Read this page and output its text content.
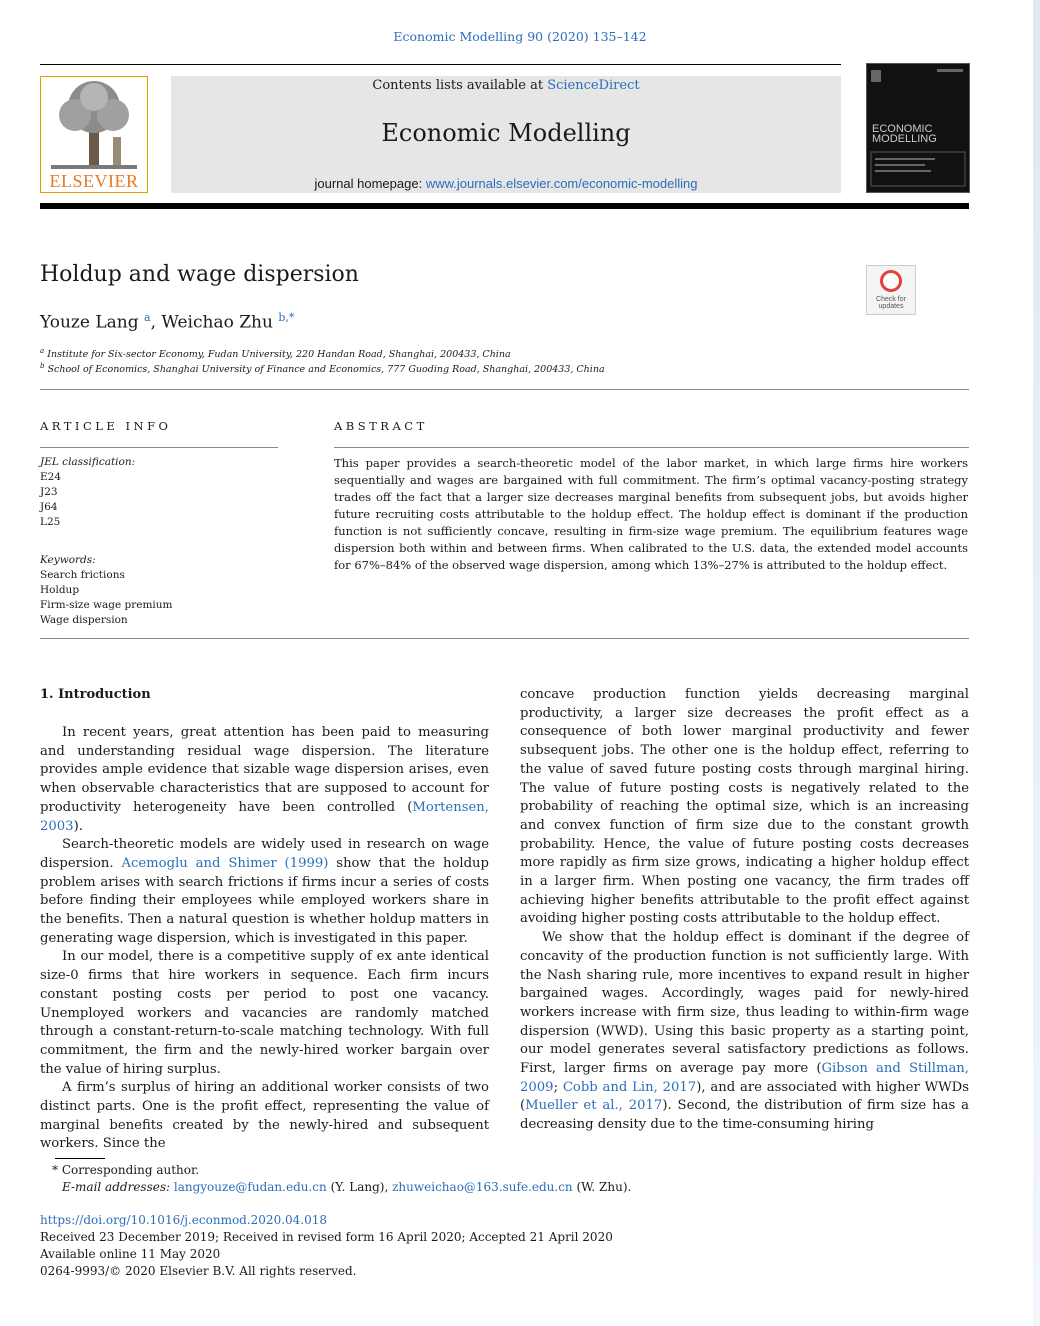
Economic Modelling 90 (2020) 135–142
ELSEVIER
Contents lists available at ScienceDirect
Economic Modelling
journal homepage: www.journals.elsevier.com/economic-modelling
ECONOMIC MODELLING
Holdup and wage dispersion
Youze Lang $^a$, Weichao Zhu $^{b,*}$
Check for updates
$^a$ Institute for Six-sector Economy, Fudan University, 220 Handan Road, Shanghai, 200433, China
$^b$ School of Economics, Shanghai University of Finance and Economics, 777 Guoding Road, Shanghai, 200433, China
ARTICLE INFO	ABSTRACT
JEL classification:
E24
J23
J64
L25
Keywords:
Search frictions
Holdup
Firm-size wage premium
Wage dispersion
This paper provides a search-theoretic model of the labor market, in which large firms hire workers sequentially and wages are bargained with full commitment. The firm’s optimal vacancy-posting strategy trades off the fact that a larger size decreases marginal benefits from subsequent jobs, but avoids higher future recruiting costs attributable to the holdup effect. The holdup effect is dominant if the production function is not sufficiently concave, resulting in firm-size wage premium. The equilibrium features wage dispersion both within and between firms. When calibrated to the U.S. data, the extended model accounts for 67%–84% of the observed wage dispersion, among which 13%–27% is attributed to the holdup effect.
1. Introduction

In recent years, great attention has been paid to measuring and understanding residual wage dispersion. The literature provides ample evidence that sizable wage dispersion arises, even when observable characteristics that are supposed to account for productivity heterogeneity have been controlled (Mortensen, 2003).

Search-theoretic models are widely used in research on wage dispersion. Acemoglu and Shimer (1999) show that the holdup problem arises with search frictions if firms incur a series of costs before finding their employees while employed workers share in the benefits. Then a natural question is whether holdup matters in generating wage dispersion, which is investigated in this paper.

In our model, there is a competitive supply of ex ante identical size-0 firms that hire workers in sequence. Each firm incurs constant posting costs per period to post one vacancy. Unemployed workers and vacancies are randomly matched through a constant-return-to-scale matching technology. With full commitment, the firm and the newly-hired worker bargain over the value of hiring surplus.

A firm’s surplus of hiring an additional worker consists of two distinct parts. One is the profit effect, representing the value of marginal benefits created by the newly-hired and subsequent workers. Since the

concave production function yields decreasing marginal productivity, a larger size decreases the profit effect as a consequence of both lower marginal productivity and fewer subsequent jobs. The other one is the holdup effect, referring to the value of saved future posting costs through marginal hiring. The value of future posting costs is negatively related to the probability of reaching the optimal size, which is an increasing and convex function of firm size due to the constant growth probability. Hence, the value of future posting costs decreases more rapidly as firm size grows, indicating a higher holdup effect in a larger firm. When posting one vacancy, the firm trades off achieving higher benefits attributable to the profit effect against avoiding higher posting costs attributable to the holdup effect.

We show that the holdup effect is dominant if the degree of concavity of the production function is not sufficiently large. With the Nash sharing rule, more incentives to expand result in higher bargained wages. Accordingly, wages paid for newly-hired workers increase with firm size, thus leading to within-firm wage dispersion (WWD). Using this basic property as a starting point, our model generates several satisfactory predictions as follows. First, larger firms on average pay more (Gibson and Stillman, 2009; Cobb and Lin, 2017), and are associated with higher WWDs (Mueller et al., 2017). Second, the distribution of firm size has a decreasing density due to the time-consuming hiring

* Corresponding author.
E-mail addresses: langyouze@fudan.edu.cn (Y. Lang), zhuweichao@163.sufe.edu.cn (W. Zhu).
https://doi.org/10.1016/j.econmod.2020.04.018
Received 23 December 2019; Received in revised form 16 April 2020; Accepted 21 April 2020
Available online 11 May 2020
0264-9993/© 2020 Elsevier B.V. All rights reserved.
